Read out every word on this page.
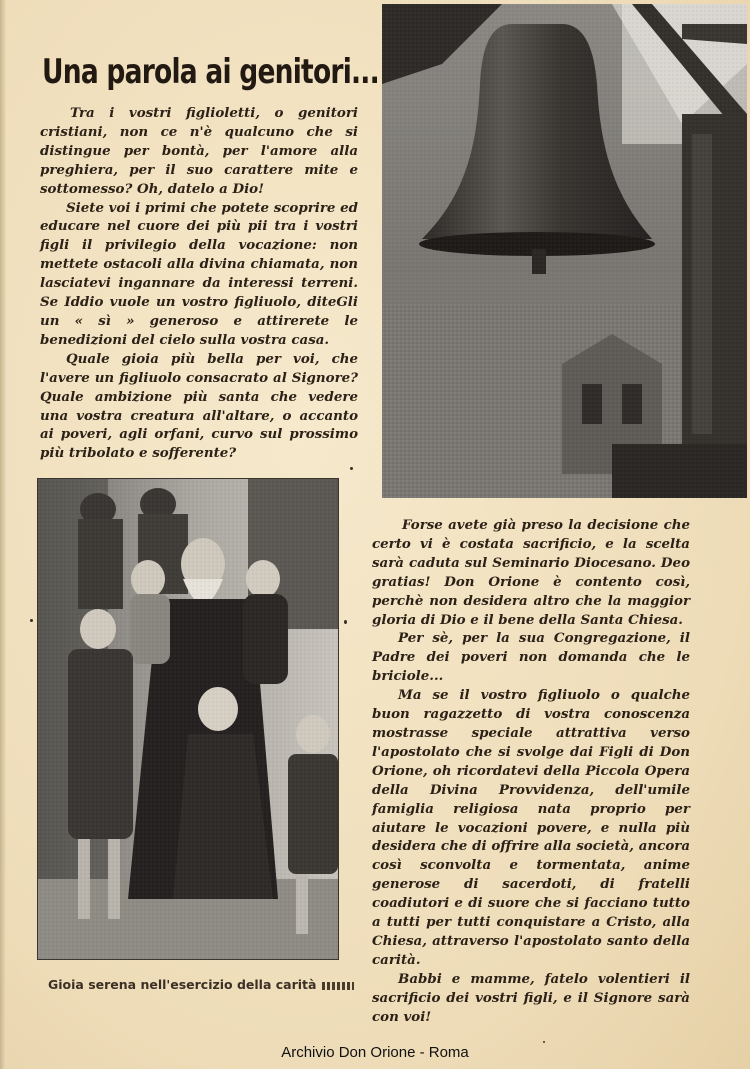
Una parola ai genitori...

Tra i vostri figlioletti, o genitori cristiani, non ce n'è qualcuno che si distingue per bontà, per l'amore alla preghiera, per il suo carattere mite e sottomesso? Oh, datelo a Dio!

Siete voi i primi che potete scoprire ed educare nel cuore dei più pii tra i vostri figli il privilegio della vocazione: non mettete ostacoli alla divina chiamata, non lasciatevi ingannare da interessi terreni. Se Iddio vuole un vostro figliuolo, diteGli un « sì » generoso e attirerete le benedizioni del cielo sulla vostra casa.

Quale gioia più bella per voi, che l'avere un figliuolo consacrato al Signore? Quale ambizione più santa che vedere una vostra creatura all'altare, o accanto ai poveri, agli orfani, curvo sul prossimo più tribolato e sofferente?

Forse avete già preso la decisione che certo vi è costata sacrificio, e la scelta sarà caduta sul Seminario Diocesano. Deo gratias! Don Orione è contento così, perchè non desidera altro che la maggior gloria di Dio e il bene della Santa Chiesa.

Per sè, per la sua Congregazione, il Padre dei poveri non domanda che le briciole...

Ma se il vostro figliuolo o qualche buon ragazzetto di vostra conoscenza mostrasse speciale attrattiva verso l'apostolato che si svolge dai Figli di Don Orione, oh ricordatevi della Piccola Opera della Divina Provvidenza, dell'umile famiglia religiosa nata proprio per aiutare le vocazioni povere, e nulla più desidera che di offrire alla società, ancora così sconvolta e tormentata, anime generose di sacerdoti, di fratelli coadiutori e di suore che si facciano tutto a tutti per tutti conquistare a Cristo, alla Chiesa, attraverso l'apostolato santo della carità.

Babbi e mamme, fatelo volentieri il sacrificio dei vostri figli, e il Signore sarà con voi!

Gioia serena nell'esercizio della carità
Archivio Don Orione - Roma
